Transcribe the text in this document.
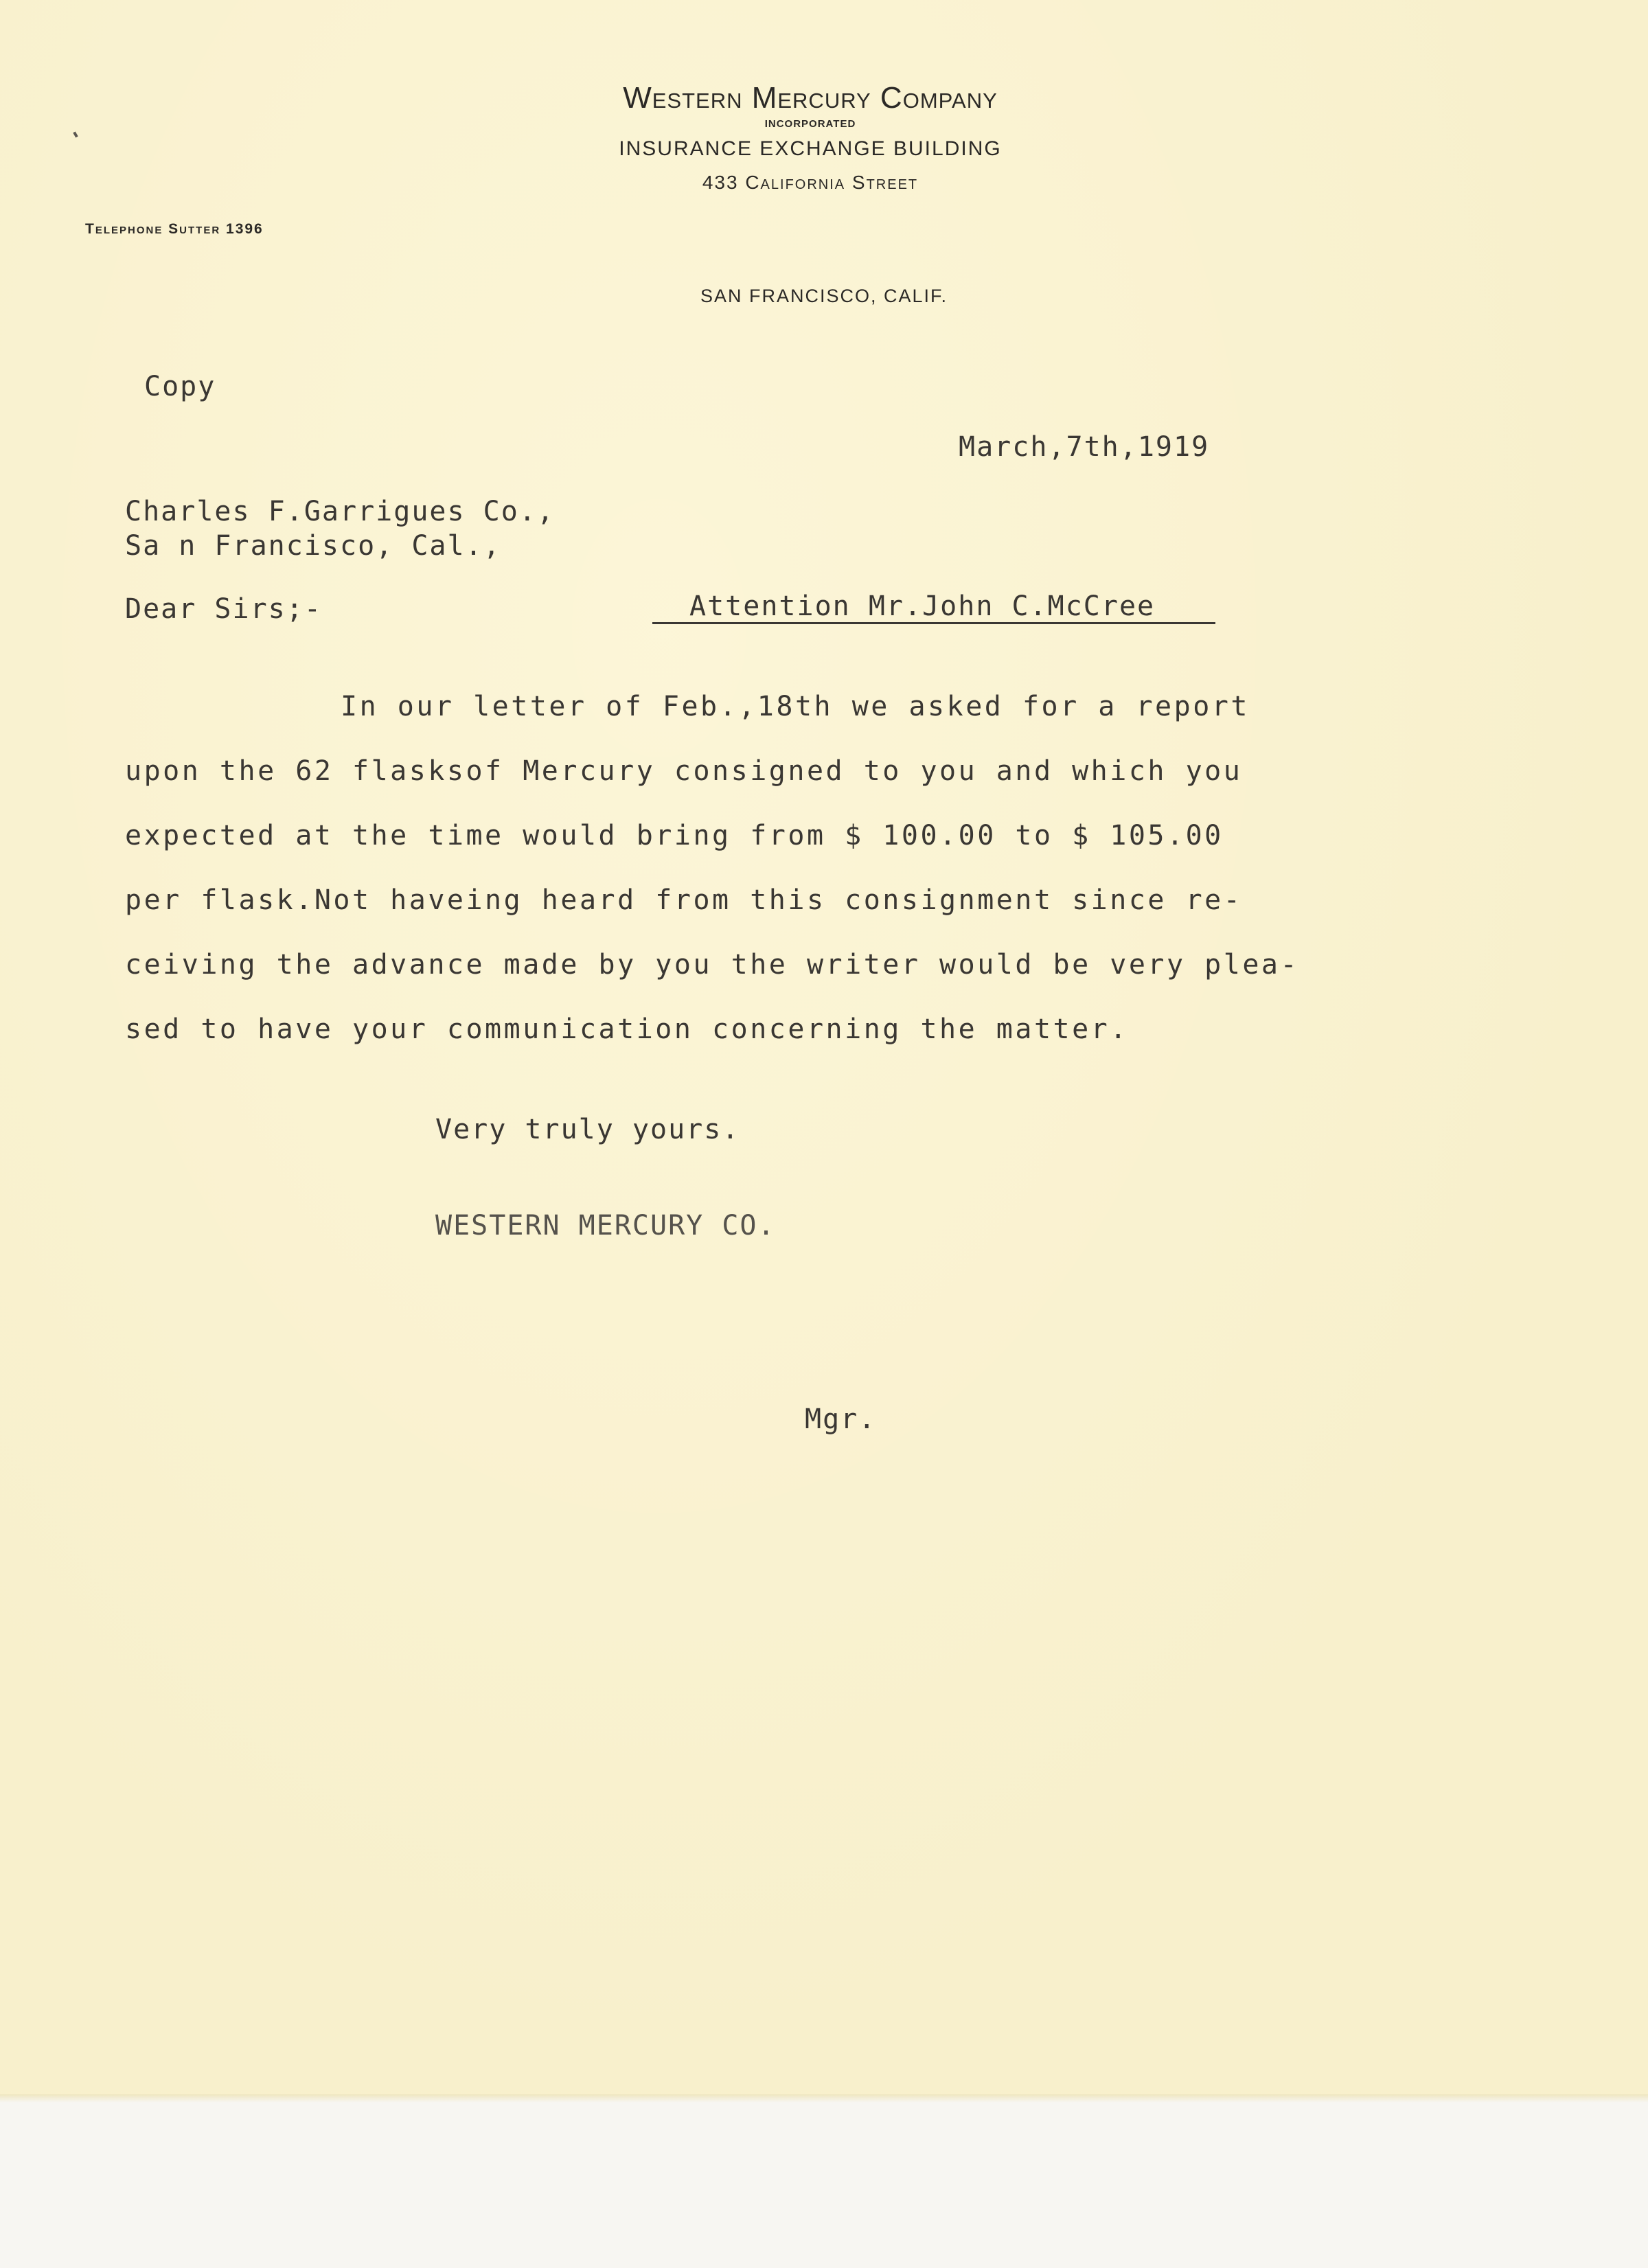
Western Mercury Company
INCORPORATED
INSURANCE EXCHANGE BUILDING
433 California Street
Telephone Sutter 1396
SAN FRANCISCO, CALIF.
Copy
March,7th,1919
Charles F.Garrigues Co.,
Sa n Francisco, Cal.,
Dear Sirs;-	Attention Mr.John C.McCree
In our letter of Feb.,18th we asked for a report
upon the 62 flasksof Mercury consigned to you and which you
expected at the time would bring from $ 100.00 to $ 105.00
per flask.Not haveing heard from this consignment since re-
ceiving the advance made by you the writer would be very plea-
sed to have your communication concerning the matter.
Very truly yours.
WESTERN MERCURY CO.
Mgr.
